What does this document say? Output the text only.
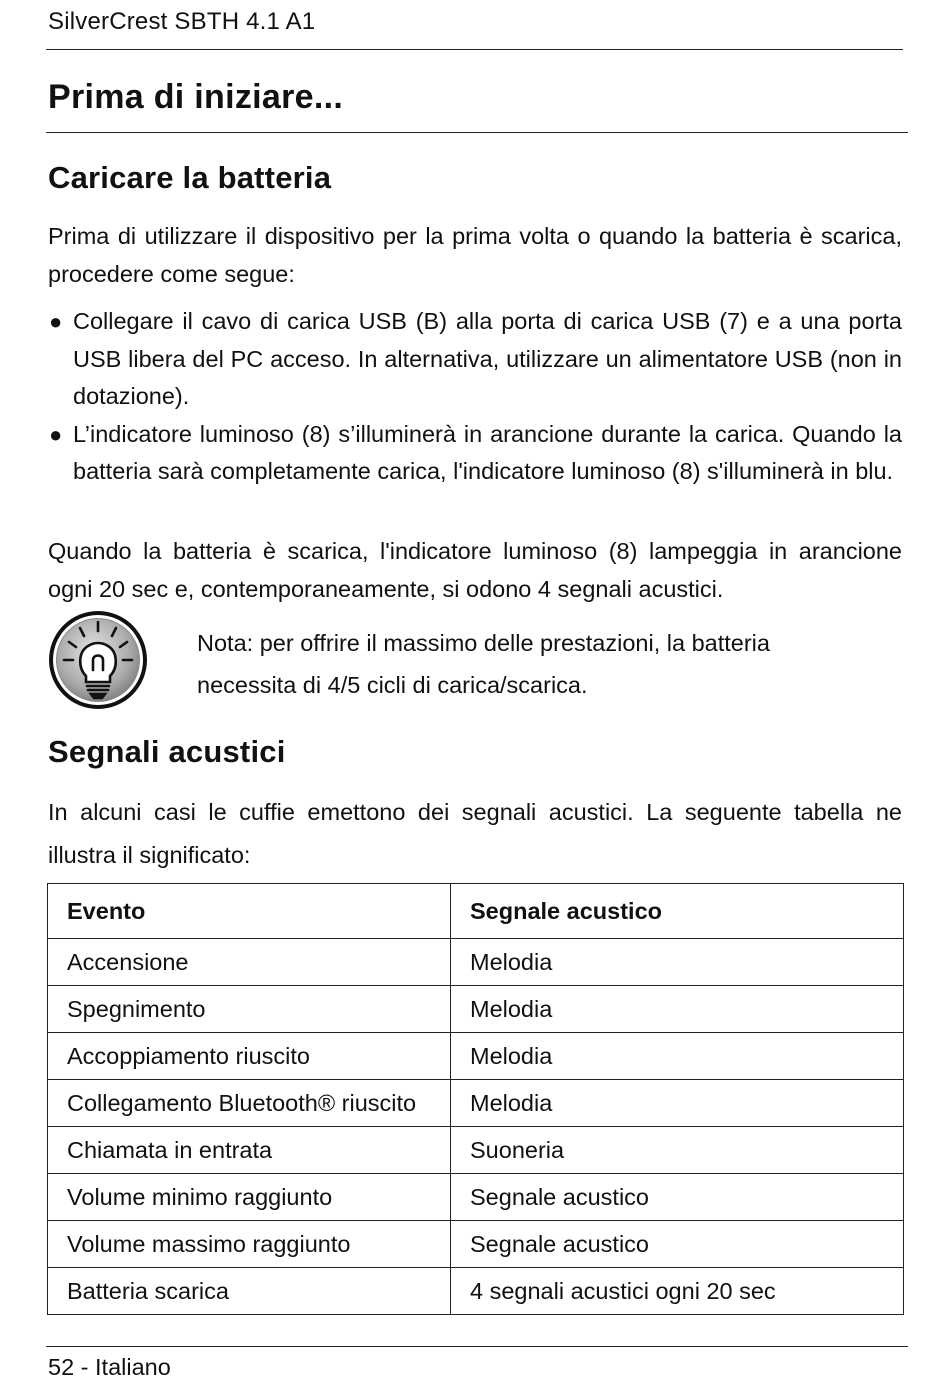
SilverCrest SBTH 4.1 A1
Prima di iniziare...
Caricare la batteria

Prima di utilizzare il dispositivo per la prima volta o quando la batteria è scarica, procedere come segue:

● Collegare il cavo di carica USB (B) alla porta di carica USB (7) e a una porta USB libera del PC acceso. In alternativa, utilizzare un alimentatore USB (non in dotazione).
● L’indicatore luminoso (8) s’illuminerà in arancione durante la carica. Quando la batteria sarà completamente carica, l'indicatore luminoso (8) s'illuminerà in blu.

Quando la batteria è scarica, l'indicatore luminoso (8) lampeggia in arancione ogni 20 sec e, contemporaneamente, si odono 4 segnali acustici.

Nota: per offrire il massimo delle prestazioni, la batteria necessita di 4/5 cicli di carica/scarica.

Segnali acustici

In alcuni casi le cuffie emettono dei segnali acustici. La seguente tabella ne illustra il significato:

Evento	Segnale acustico
Accensione	Melodia
Spegnimento	Melodia
Accoppiamento riuscito	Melodia
Collegamento Bluetooth® riuscito	Melodia
Chiamata in entrata	Suoneria
Volume minimo raggiunto	Segnale acustico
Volume massimo raggiunto	Segnale acustico
Batteria scarica	4 segnali acustici ogni 20 sec
52 - Italiano
